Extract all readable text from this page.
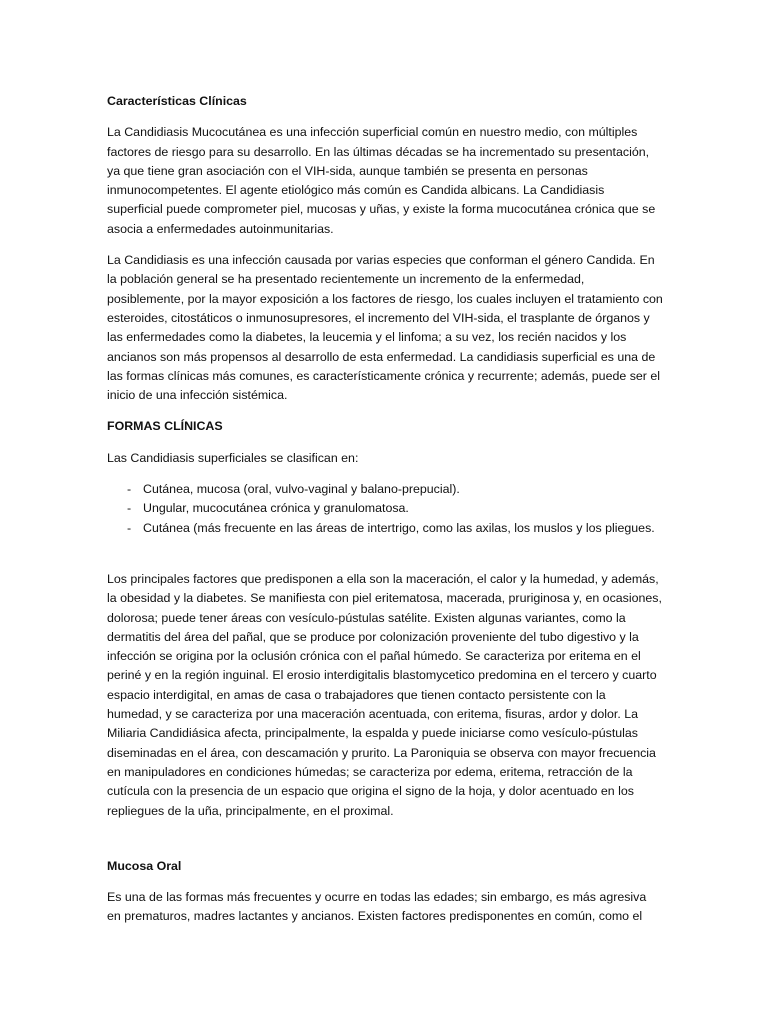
Características Clínicas
La Candidiasis Mucocutánea es una infección superficial común en nuestro medio, con múltiples factores de riesgo para su desarrollo. En las últimas décadas se ha incrementado su presentación, ya que tiene gran asociación con el VIH-sida, aunque también se presenta en personas inmunocompetentes. El agente etiológico más común es Candida albicans. La Candidiasis superficial puede comprometer piel, mucosas y uñas, y existe la forma mucocutánea crónica que se asocia a enfermedades autoinmunitarias.
La Candidiasis es una infección causada por varias especies que conforman el género Candida. En la población general se ha presentado recientemente un incremento de la enfermedad, posiblemente, por la mayor exposición a los factores de riesgo, los cuales incluyen el tratamiento con esteroides, citostáticos o inmunosupresores, el incremento del VIH-sida, el trasplante de órganos y las enfermedades como la diabetes, la leucemia y el linfoma; a su vez, los recién nacidos y los ancianos son más propensos al desarrollo de esta enfermedad. La candidiasis superficial es una de las formas clínicas más comunes, es característicamente crónica y recurrente; además, puede ser el inicio de una infección sistémica.
FORMAS CLÍNICAS
Las Candidiasis superficiales se clasifican en:
- Cutánea, mucosa (oral, vulvo-vaginal y balano-prepucial).
- Ungular, mucocutánea crónica y granulomatosa.
- Cutánea (más frecuente en las áreas de intertrigo, como las axilas, los muslos y los pliegues.
Los principales factores que predisponen a ella son la maceración, el calor y la humedad, y además, la obesidad y la diabetes. Se manifiesta con piel eritematosa, macerada, pruriginosa y, en ocasiones, dolorosa; puede tener áreas con vesículo-pústulas satélite. Existen algunas variantes, como la dermatitis del área del pañal, que se produce por colonización proveniente del tubo digestivo y la infección se origina por la oclusión crónica con el pañal húmedo. Se caracteriza por eritema en el periné y en la región inguinal. El erosio interdigitalis blastomycetico predomina en el tercero y cuarto espacio interdigital, en amas de casa o trabajadores que tienen contacto persistente con la humedad, y se caracteriza por una maceración acentuada, con eritema, fisuras, ardor y dolor. La Miliaria Candidiásica afecta, principalmente, la espalda y puede iniciarse como vesículo-pústulas diseminadas en el área, con descamación y prurito. La Paroniquia se observa con mayor frecuencia en manipuladores en condiciones húmedas; se caracteriza por edema, eritema, retracción de la cutícula con la presencia de un espacio que origina el signo de la hoja, y dolor acentuado en los repliegues de la uña, principalmente, en el proximal.
Mucosa Oral
Es una de las formas más frecuentes y ocurre en todas las edades; sin embargo, es más agresiva en prematuros, madres lactantes y ancianos. Existen factores predisponentes en común, como el
